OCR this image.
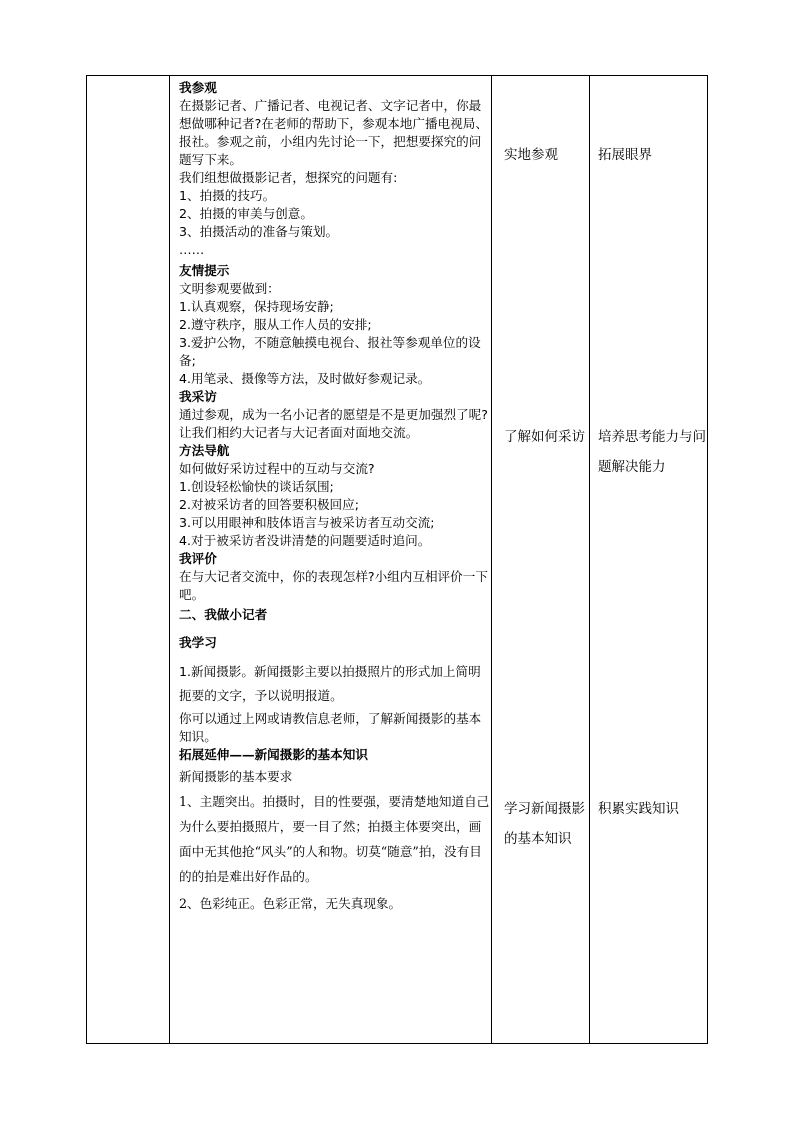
我参观

在摄影记者、广播记者、电视记者、文字记者中，你最想做哪种记者?在老师的帮助下，参观本地广播电视局、报社。参观之前，小组内先讨论一下，把想要探究的问题写下来。

我们组想做摄影记者，想探究的问题有:

1、拍摄的技巧。

2、拍摄的审美与创意。

3、拍摄活动的准备与策划。

……

友情提示

文明参观要做到：

1.认真观察，保持现场安静;

2.遵守秩序，服从工作人员的安排;

3.爱护公物，不随意触摸电视台、报社等参观单位的设备;

4.用笔录、摄像等方法，及时做好参观记录。

我采访

通过参观，成为一名小记者的愿望是不是更加强烈了呢?让我们相约大记者与大记者面对面地交流。

方法导航

如何做好采访过程中的互动与交流?

1.创设轻松愉快的谈话氛围;

2.对被采访者的回答要积极回应;

3.可以用眼神和肢体语言与被采访者互动交流;

4.对于被采访者没讲清楚的问题要适时追问。

我评价

在与大记者交流中，你的表现怎样?小组内互相评价一下吧。

二、我做小记者

我学习

1.新闻摄影。新闻摄影主要以拍摄照片的形式加上简明扼要的文字，予以说明报道。

你可以通过上网或请教信息老师，了解新闻摄影的基本知识。

拓展延伸——新闻摄影的基本知识

新闻摄影的基本要求

1、主题突出。拍摄时，目的性要强，要清楚地知道自己为什么要拍摄照片，要一目了然；拍摄主体要突出，画面中无其他抢“风头”的人和物。切莫“随意”拍，没有目的的拍是难出好作品的。

2、色彩纯正。色彩正常，无失真现象。

实地参观
了解如何采访
学习新闻摄影的基本知识
拓展眼界
培养思考能力与问题解决能力
积累实践知识
